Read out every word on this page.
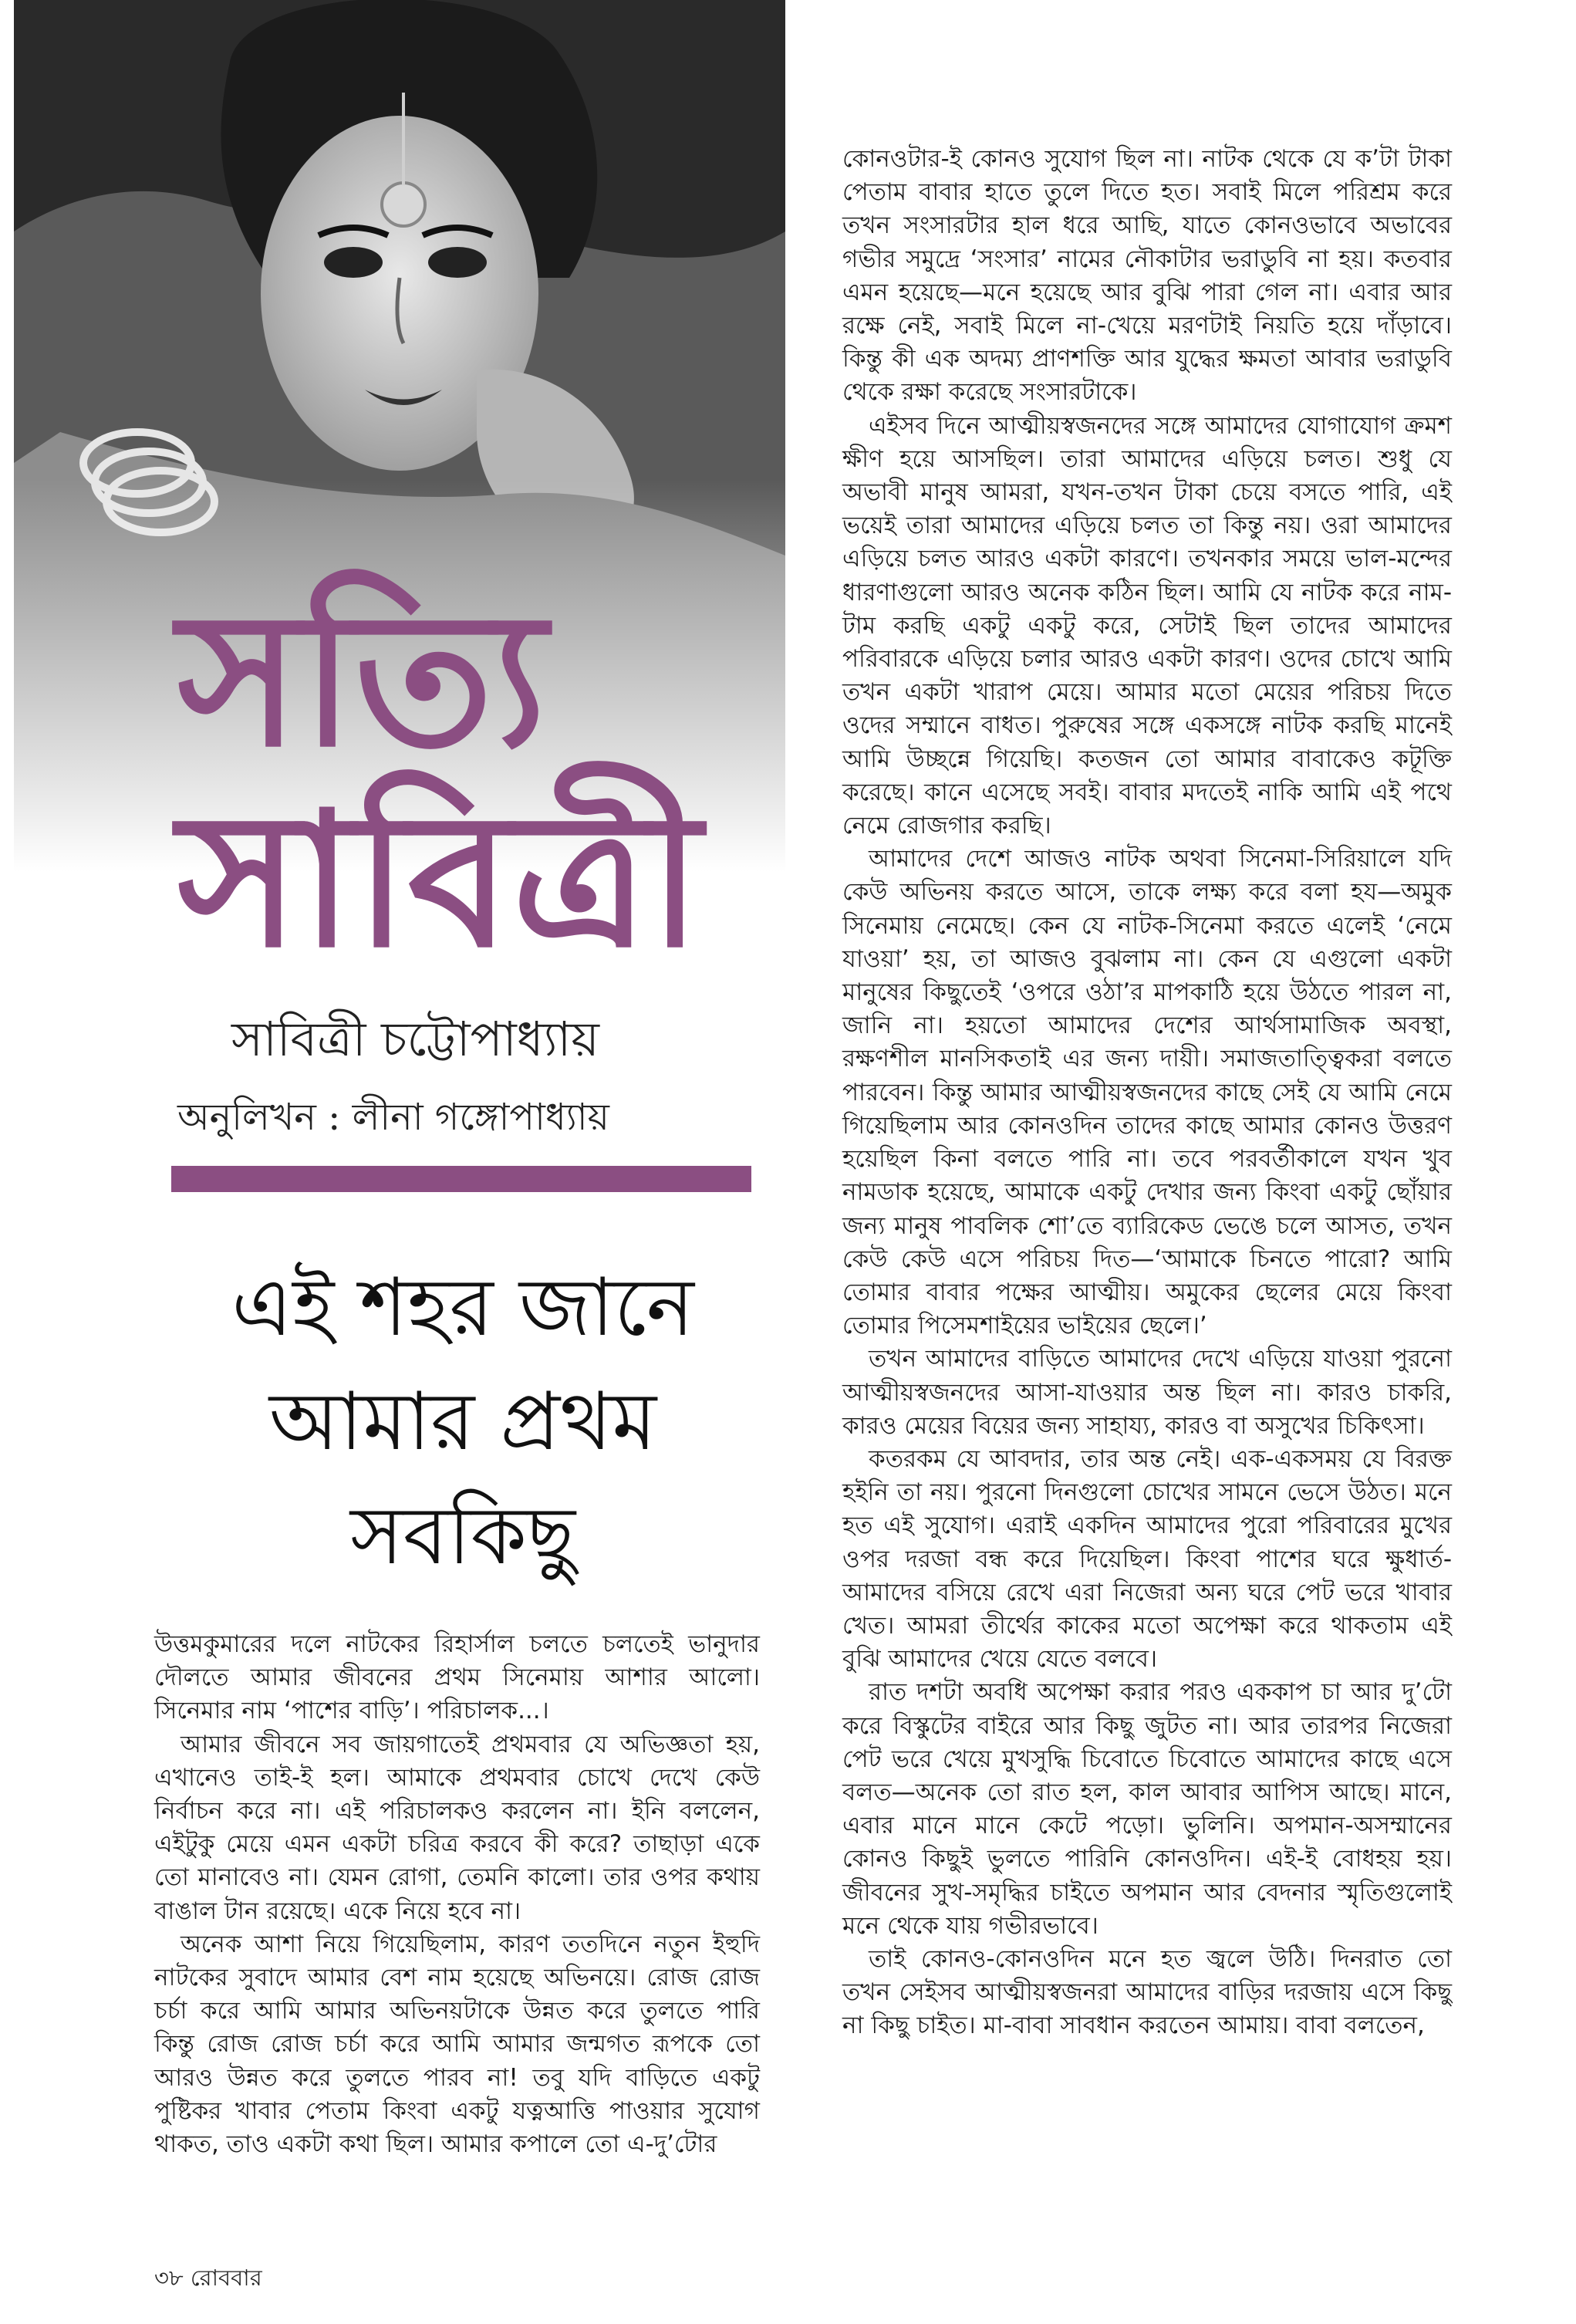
সত্যি
সাবিত্রী

সাবিত্রী চট্টোপাধ্যায়

অনুলিখন : লীনা গঙ্গোপাধ্যায়

এই শহর জানে
আমার প্রথম
সবকিছু

উত্তমকুমারের দলে নাটকের রিহার্সাল চলতে চলতেই ভানুদার দৌলতে আমার জীবনের প্রথম সিনেমায় আশার আলো। সিনেমার নাম ‘পাশের বাড়ি’। পরিচালক...।

আমার জীবনে সব জায়গাতেই প্রথমবার যে অভিজ্ঞতা হয়, এখানেও তাই-ই হল। আমাকে প্রথমবার চোখে দেখে কেউ নির্বাচন করে না। এই পরিচালকও করলেন না। ইনি বললেন, এইটুকু মেয়ে এমন একটা চরিত্র করবে কী করে? তাছাড়া একে তো মানাবেও না। যেমন রোগা, তেমনি কালো। তার ওপর কথায় বাঙাল টান রয়েছে। একে নিয়ে হবে না।

অনেক আশা নিয়ে গিয়েছিলাম, কারণ ততদিনে নতুন ইহুদি নাটকের সুবাদে আমার বেশ নাম হয়েছে অভিনয়ে। রোজ রোজ চর্চা করে আমি আমার অভিনয়টাকে উন্নত করে তুলতে পারি কিন্তু রোজ রোজ চর্চা করে আমি আমার জন্মগত রূপকে তো আরও উন্নত করে তুলতে পারব না! তবু যদি বাড়িতে একটু পুষ্টিকর খাবার পেতাম কিংবা একটু যত্নআত্তি পাওয়ার সুযোগ থাকত, তাও একটা কথা ছিল। আমার কপালে তো এ-দু’টোর

কোনওটার-ই কোনও সুযোগ ছিল না। নাটক থেকে যে ক’টা টাকা পেতাম বাবার হাতে তুলে দিতে হত। সবাই মিলে পরিশ্রম করে তখন সংসারটার হাল ধরে আছি, যাতে কোনওভাবে অভাবের গভীর সমুদ্রে ‘সংসার’ নামের নৌকাটার ভরাডুবি না হয়। কতবার এমন হয়েছে—মনে হয়েছে আর বুঝি পারা গেল না। এবার আর রক্ষে নেই, সবাই মিলে না-খেয়ে মরণটাই নিয়তি হয়ে দাঁড়াবে। কিন্তু কী এক অদম্য প্রাণশক্তি আর যুদ্ধের ক্ষমতা আবার ভরাডুবি থেকে রক্ষা করেছে সংসারটাকে।

এইসব দিনে আত্মীয়স্বজনদের সঙ্গে আমাদের যোগাযোগ ক্রমশ ক্ষীণ হয়ে আসছিল। তারা আমাদের এড়িয়ে চলত। শুধু যে অভাবী মানুষ আমরা, যখন-তখন টাকা চেয়ে বসতে পারি, এই ভয়েই তারা আমাদের এড়িয়ে চলত তা কিন্তু নয়। ওরা আমাদের এড়িয়ে চলত আরও একটা কারণে। তখনকার সময়ে ভাল-মন্দের ধারণাগুলো আরও অনেক কঠিন ছিল। আমি যে নাটক করে নাম-টাম করছি একটু একটু করে, সেটাই ছিল তাদের আমাদের পরিবারকে এড়িয়ে চলার আরও একটা কারণ। ওদের চোখে আমি তখন একটা খারাপ মেয়ে। আমার মতো মেয়ের পরিচয় দিতে ওদের সম্মানে বাধত। পুরুষের সঙ্গে একসঙ্গে নাটক করছি মানেই আমি উচ্ছন্নে গিয়েছি। কতজন তো আমার বাবাকেও কটূক্তি করেছে। কানে এসেছে সবই। বাবার মদতেই নাকি আমি এই পথে নেমে রোজগার করছি।

আমাদের দেশে আজও নাটক অথবা সিনেমা-সিরিয়ালে যদি কেউ অভিনয় করতে আসে, তাকে লক্ষ্য করে বলা হয—অমুক সিনেমায় নেমেছে। কেন যে নাটক-সিনেমা করতে এলেই ‘নেমে যাওয়া’ হয়, তা আজও বুঝলাম না। কেন যে এগুলো একটা মানুষের কিছুতেই ‘ওপরে ওঠা’র মাপকাঠি হয়ে উঠতে পারল না, জানি না। হয়তো আমাদের দেশের আর্থসামাজিক অবস্থা, রক্ষণশীল মানসিকতাই এর জন্য দায়ী। সমাজতাত্ত্বিকরা বলতে পারবেন। কিন্তু আমার আত্মীয়স্বজনদের কাছে সেই যে আমি নেমে গিয়েছিলাম আর কোনওদিন তাদের কাছে আমার কোনও উত্তরণ হয়েছিল কিনা বলতে পারি না। তবে পরবর্তীকালে যখন খুব নামডাক হয়েছে, আমাকে একটু দেখার জন্য কিংবা একটু ছোঁয়ার জন্য মানুষ পাবলিক শো’তে ব্যারিকেড ভেঙে চলে আসত, তখন কেউ কেউ এসে পরিচয় দিত—‘আমাকে চিনতে পারো? আমি তোমার বাবার পক্ষের আত্মীয়। অমুকের ছেলের মেয়ে কিংবা তোমার পিসেমশাইয়ের ভাইয়ের ছেলে।’

তখন আমাদের বাড়িতে আমাদের দেখে এড়িয়ে যাওয়া পুরনো আত্মীয়স্বজনদের আসা-যাওয়ার অন্ত ছিল না। কারও চাকরি, কারও মেয়ের বিয়ের জন্য সাহায্য, কারও বা অসুখের চিকিৎসা।

কতরকম যে আবদার, তার অন্ত নেই। এক-একসময় যে বিরক্ত হইনি তা নয়। পুরনো দিনগুলো চোখের সামনে ভেসে উঠত। মনে হত এই সুযোগ। এরাই একদিন আমাদের পুরো পরিবারের মুখের ওপর দরজা বন্ধ করে দিয়েছিল। কিংবা পাশের ঘরে ক্ষুধার্ত-আমাদের বসিয়ে রেখে এরা নিজেরা অন্য ঘরে পেট ভরে খাবার খেত। আমরা তীর্থের কাকের মতো অপেক্ষা করে থাকতাম এই বুঝি আমাদের খেয়ে যেতে বলবে।

রাত দশটা অবধি অপেক্ষা করার পরও এককাপ চা আর দু’টো করে বিস্কুটের বাইরে আর কিছু জুটত না। আর তারপর নিজেরা পেট ভরে খেয়ে মুখসুদ্ধি চিবোতে চিবোতে আমাদের কাছে এসে বলত—অনেক তো রাত হল, কাল আবার আপিস আছে। মানে, এবার মানে মানে কেটে পড়ো। ভুলিনি। অপমান-অসম্মানের কোনও কিছুই ভুলতে পারিনি কোনওদিন। এই-ই বোধহয় হয়। জীবনের সুখ-সমৃদ্ধির চাইতে অপমান আর বেদনার স্মৃতিগুলোই মনে থেকে যায় গভীরভাবে।

তাই কোনও-কোনওদিন মনে হত জ্বলে উঠি। দিনরাত তো তখন সেইসব আত্মীয়স্বজনরা আমাদের বাড়ির দরজায় এসে কিছু না কিছু চাইত। মা-বাবা সাবধান করতেন আমায়। বাবা বলতেন,

৩৮ রোববার
